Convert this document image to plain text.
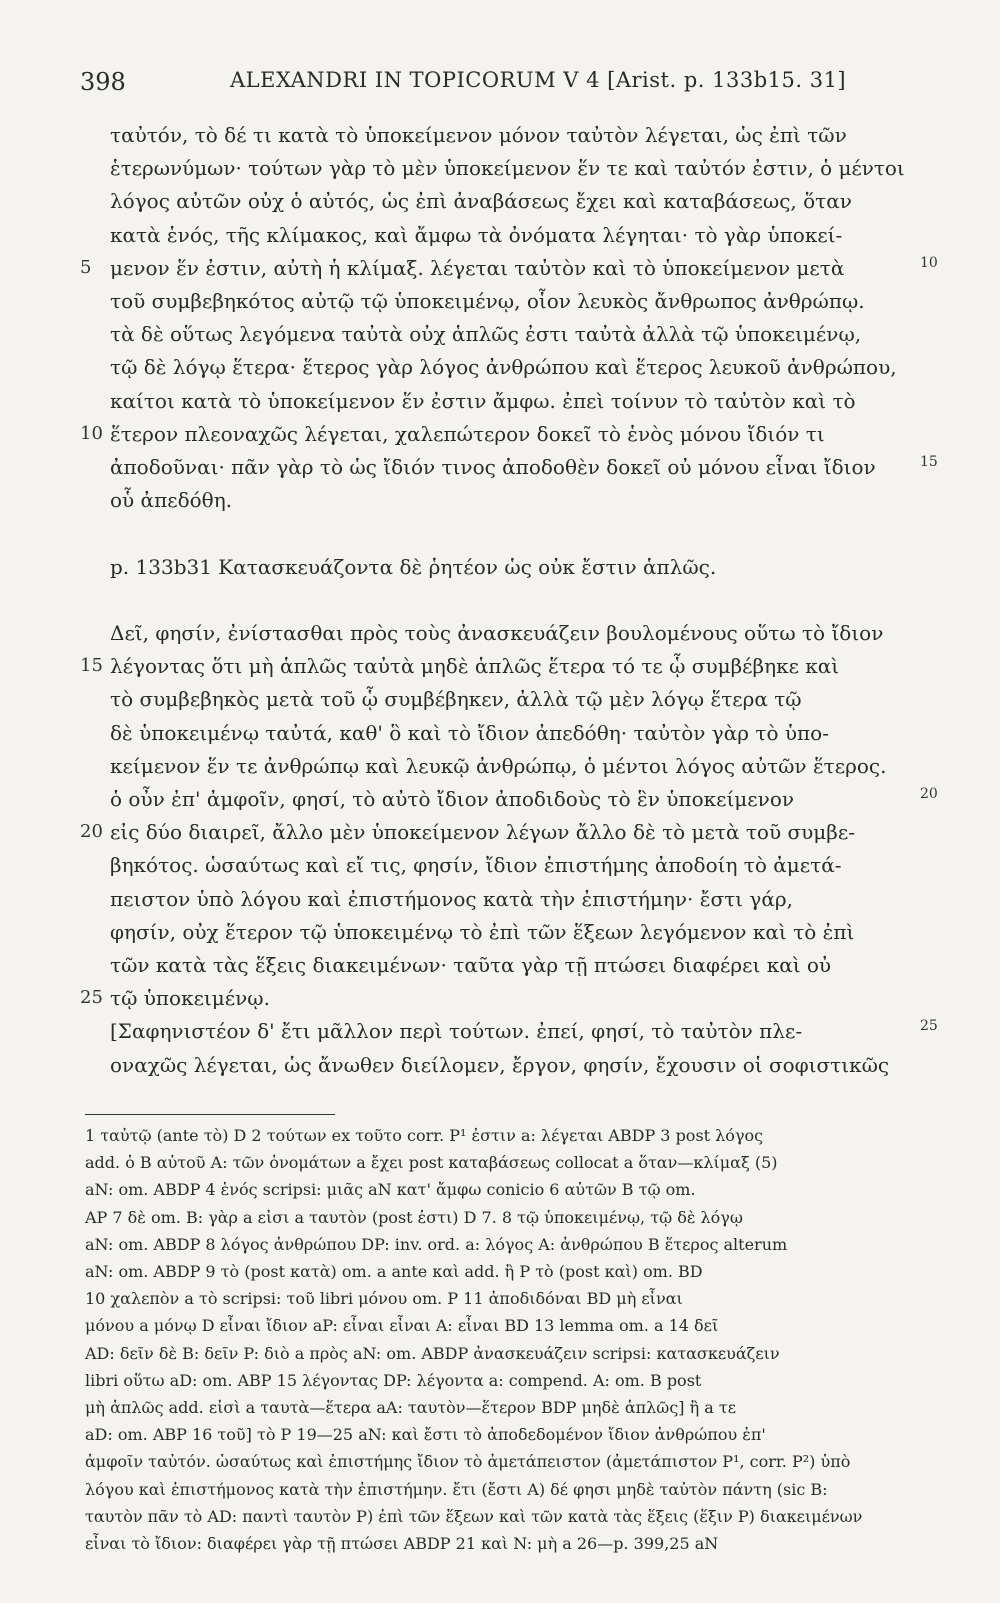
398	ALEXANDRI IN TOPICORUM V 4 [Arist. p. 133b15. 31]
ταὐτόν, τὸ δέ τι κατὰ τὸ ὑποκείμενον μόνον ταὐτὸν λέγεται, ὡς ἐπὶ τῶν
ἑτερωνύμων· τούτων γὰρ τὸ μὲν ὑποκείμενον ἕν τε καὶ ταὐτόν ἐστιν, ὁ μέντοι
λόγος αὐτῶν οὐχ ὁ αὐτός, ὡς ἐπὶ ἀναβάσεως ἔχει καὶ καταβάσεως, ὅταν
κατὰ ἑνός, τῆς κλίμακος, καὶ ἄμφω τὰ ὀνόματα λέγηται· τὸ γὰρ ὑποκεί-
μενον ἕν ἐστιν, αὐτὴ ἡ κλίμαξ. λέγεται ταὐτὸν καὶ τὸ ὑποκείμενον μετὰ
5	10
τοῦ συμβεβηκότος αὐτῷ τῷ ὑποκειμένῳ, οἷον λευκὸς ἄνθρωπος ἀνθρώπῳ.
τὰ δὲ οὕτως λεγόμενα ταὐτὰ οὐχ ἁπλῶς ἐστι ταὐτὰ ἀλλὰ τῷ ὑποκειμένῳ,
τῷ δὲ λόγῳ ἕτερα· ἕτερος γὰρ λόγος ἀνθρώπου καὶ ἕτερος λευκοῦ ἀνθρώπου,
καίτοι κατὰ τὸ ὑποκείμενον ἕν ἐστιν ἄμφω. ἐπεὶ τοίνυν τὸ ταὐτὸν καὶ τὸ
ἕτερον πλεοναχῶς λέγεται, χαλεπώτερον δοκεῖ τὸ ἑνὸς μόνου ἴδιόν τι
10
ἀποδοῦναι· πᾶν γὰρ τὸ ὡς ἴδιόν τινος ἀποδοθὲν δοκεῖ οὐ μόνου εἶναι ἴδιον	15
οὗ ἀπεδόθη.
p. 133b31 Κατασκευάζοντα δὲ ῥητέον ὡς οὐκ ἔστιν ἁπλῶς.
Δεῖ, φησίν, ἐνίστασθαι πρὸς τοὺς ἀνασκευάζειν βουλομένους οὕτω τὸ ἴδιον
λέγοντας ὅτι μὴ ἁπλῶς ταὐτὰ μηδὲ ἁπλῶς ἕτερα τό τε ᾧ συμβέβηκε καὶ
15
τὸ συμβεβηκὸς μετὰ τοῦ ᾧ συμβέβηκεν, ἀλλὰ τῷ μὲν λόγῳ ἕτερα τῷ
δὲ ὑποκειμένῳ ταὐτά, καθ' ὃ καὶ τὸ ἴδιον ἀπεδόθη· ταὐτὸν γὰρ τὸ ὑπο-
κείμενον ἕν τε ἀνθρώπῳ καὶ λευκῷ ἀνθρώπῳ, ὁ μέντοι λόγος αὐτῶν ἕτερος.
ὁ οὖν ἐπ' ἀμφοῖν, φησί, τὸ αὐτὸ ἴδιον ἀποδιδοὺς τὸ ἓν ὑποκείμενον	20
εἰς δύο διαιρεῖ, ἄλλο μὲν ὑποκείμενον λέγων ἄλλο δὲ τὸ μετὰ τοῦ συμβε-
20
βηκότος. ὡσαύτως καὶ εἴ τις, φησίν, ἴδιον ἐπιστήμης ἀποδοίη τὸ ἀμετά-
πειστον ὑπὸ λόγου καὶ ἐπιστήμονος κατὰ τὴν ἐπιστήμην· ἔστι γάρ,
φησίν, οὐχ ἕτερον τῷ ὑποκειμένῳ τὸ ἐπὶ τῶν ἕξεων λεγόμενον καὶ τὸ ἐπὶ
τῶν κατὰ τὰς ἕξεις διακειμένων· ταῦτα γὰρ τῇ πτώσει διαφέρει καὶ οὐ
τῷ ὑποκειμένῳ.
25
[Σαφηνιστέον δ' ἔτι μᾶλλον περὶ τούτων. ἐπεί, φησί, τὸ ταὐτὸν πλε-	25
οναχῶς λέγεται, ὡς ἄνωθεν διείλομεν, ἔργον, φησίν, ἔχουσιν οἱ σοφιστικῶς
1 ταὐτῷ (ante τὸ) D 2 τούτων ex τοῦτο corr. P¹ ἐστιν a: λέγεται ABDP 3 post λόγος
add. ὁ B αὐτοῦ A: τῶν ὀνομάτων a ἔχει post καταβάσεως collocat a ὅταν—κλίμαξ (5)
aN: om. ABDP 4 ἑνός scripsi: μιᾶς aN κατ' ἄμφω conicio 6 αὐτῶν B τῷ om.
AP 7 δὲ om. B: γὰρ a εἰσι a ταυτὸν (post ἐστι) D 7. 8 τῷ ὑποκειμένῳ, τῷ δὲ λόγῳ
aN: om. ABDP 8 λόγος ἀνθρώπου DP: inv. ord. a: λόγος A: ἀνθρώπου B ἕτερος alterum
aN: om. ABDP 9 τὸ (post κατὰ) om. a ante καὶ add. ἢ P τὸ (post καὶ) om. BD
10 χαλεπὸν a τὸ scripsi: τοῦ libri μόνου om. P 11 ἀποδιδόναι BD μὴ εἶναι
μόνου a μόνῳ D εἶναι ἴδιον aP: εἶναι εἶναι A: εἶναι BD 13 lemma om. a 14 δεῖ
AD: δεῖν δὲ B: δεῖν P: διὸ a πρὸς aN: om. ABDP ἀνασκευάζειν scripsi: κατασκευάζειν
libri οὕτω aD: om. ABP 15 λέγοντας DP: λέγοντα a: compend. A: om. B post
μὴ ἁπλῶς add. εἰσὶ a ταυτὰ—ἕτερα aA: ταυτὸν—ἕτερον BDP μηδὲ ἁπλῶς] ἢ a τε
aD: om. ABP 16 τοῦ] τὸ P 19—25 aN: καὶ ἔστι τὸ ἀποδεδομένον ἴδιον ἀνθρώπου ἐπ'
ἀμφοῖν ταὐτόν. ὡσαύτως καὶ ἐπιστήμης ἴδιον τὸ ἀμετάπειστον (ἀμετάπιστον P¹, corr. P²) ὑπὸ
λόγου καὶ ἐπιστήμονος κατὰ τὴν ἐπιστήμην. ἔτι (ἔστι A) δέ φησι μηδὲ ταὐτὸν πάντη (sic B:
ταυτὸν πᾶν τὸ AD: παντὶ ταυτὸν P) ἐπὶ τῶν ἕξεων καὶ τῶν κατὰ τὰς ἕξεις (ἕξιν P) διακειμένων
εἶναι τὸ ἴδιον: διαφέρει γὰρ τῇ πτώσει ABDP 21 καὶ N: μὴ a 26—p. 399,25 aN
